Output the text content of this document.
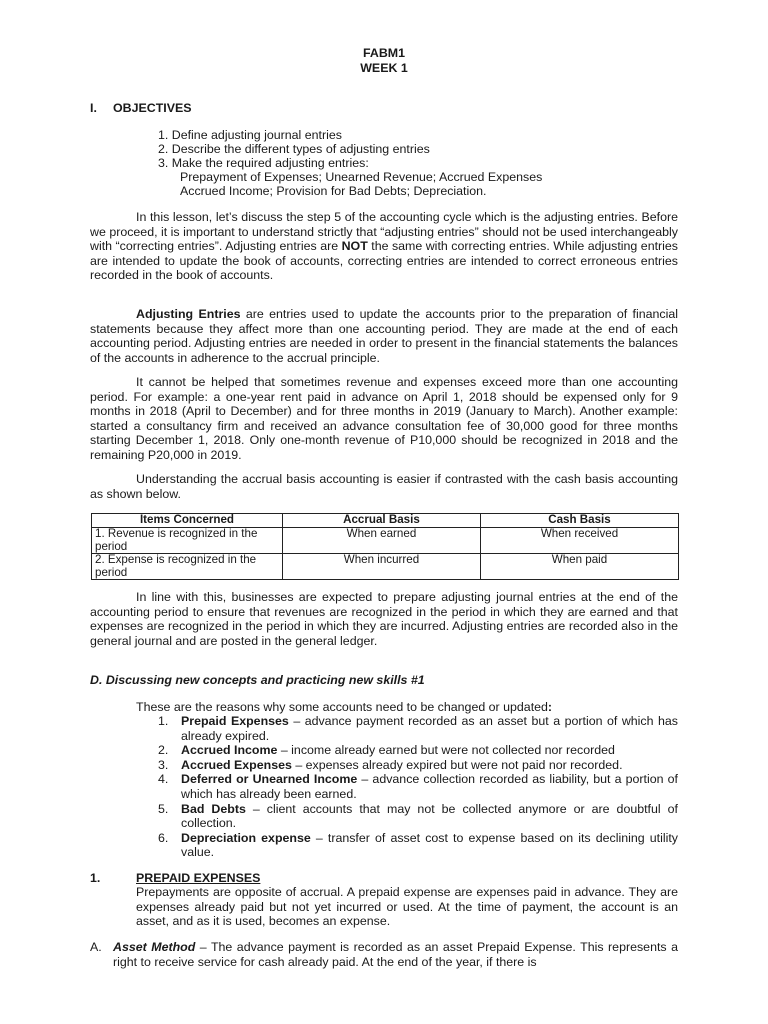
FABM1
WEEK 1
I. OBJECTIVES
1. Define adjusting journal entries
2. Describe the different types of adjusting entries
3. Make the required adjusting entries:
Prepayment of Expenses; Unearned Revenue; Accrued Expenses
Accrued Income; Provision for Bad Debts; Depreciation.
In this lesson, let’s discuss the step 5 of the accounting cycle which is the adjusting entries. Before we proceed, it is important to understand strictly that “adjusting entries” should not be used interchangeably with “correcting entries”. Adjusting entries are NOT the same with correcting entries. While adjusting entries are intended to update the book of accounts, correcting entries are intended to correct erroneous entries recorded in the book of accounts.
Adjusting Entries are entries used to update the accounts prior to the preparation of financial statements because they affect more than one accounting period. They are made at the end of each accounting period. Adjusting entries are needed in order to present in the financial statements the balances of the accounts in adherence to the accrual principle.
It cannot be helped that sometimes revenue and expenses exceed more than one accounting period. For example: a one-year rent paid in advance on April 1, 2018 should be expensed only for 9 months in 2018 (April to December) and for three months in 2019 (January to March). Another example: started a consultancy firm and received an advance consultation fee of 30,000 good for three months starting December 1, 2018. Only one-month revenue of P10,000 should be recognized in 2018 and the remaining P20,000 in 2019.
Understanding the accrual basis accounting is easier if contrasted with the cash basis accounting as shown below.
Items Concerned	Accrual Basis	Cash Basis
1. Revenue is recognized in the period	When earned	When received
2. Expense is recognized in the period	When incurred	When paid
In line with this, businesses are expected to prepare adjusting journal entries at the end of the accounting period to ensure that revenues are recognized in the period in which they are earned and that expenses are recognized in the period in which they are incurred. Adjusting entries are recorded also in the general journal and are posted in the general ledger.
D. Discussing new concepts and practicing new skills #1
These are the reasons why some accounts need to be changed or updated:

1. Prepaid Expenses – advance payment recorded as an asset but a portion of which has already expired.

2. Accrued Income – income already earned but were not collected nor recorded

3. Accrued Expenses – expenses already expired but were not paid nor recorded.

4. Deferred or Unearned Income – advance collection recorded as liability, but a portion of which has already been earned.

5. Bad Debts – client accounts that may not be collected anymore or are doubtful of collection.

6. Depreciation expense – transfer of asset cost to expense based on its declining utility value.

1.	PREPAID EXPENSES
Prepayments are opposite of accrual. A prepaid expense are expenses paid in advance. They are expenses already paid but not yet incurred or used. At the time of payment, the account is an asset, and as it is used, becomes an expense.
A. Asset Method – The advance payment is recorded as an asset Prepaid Expense. This represents a right to receive service for cash already paid. At the end of the year, if there is
